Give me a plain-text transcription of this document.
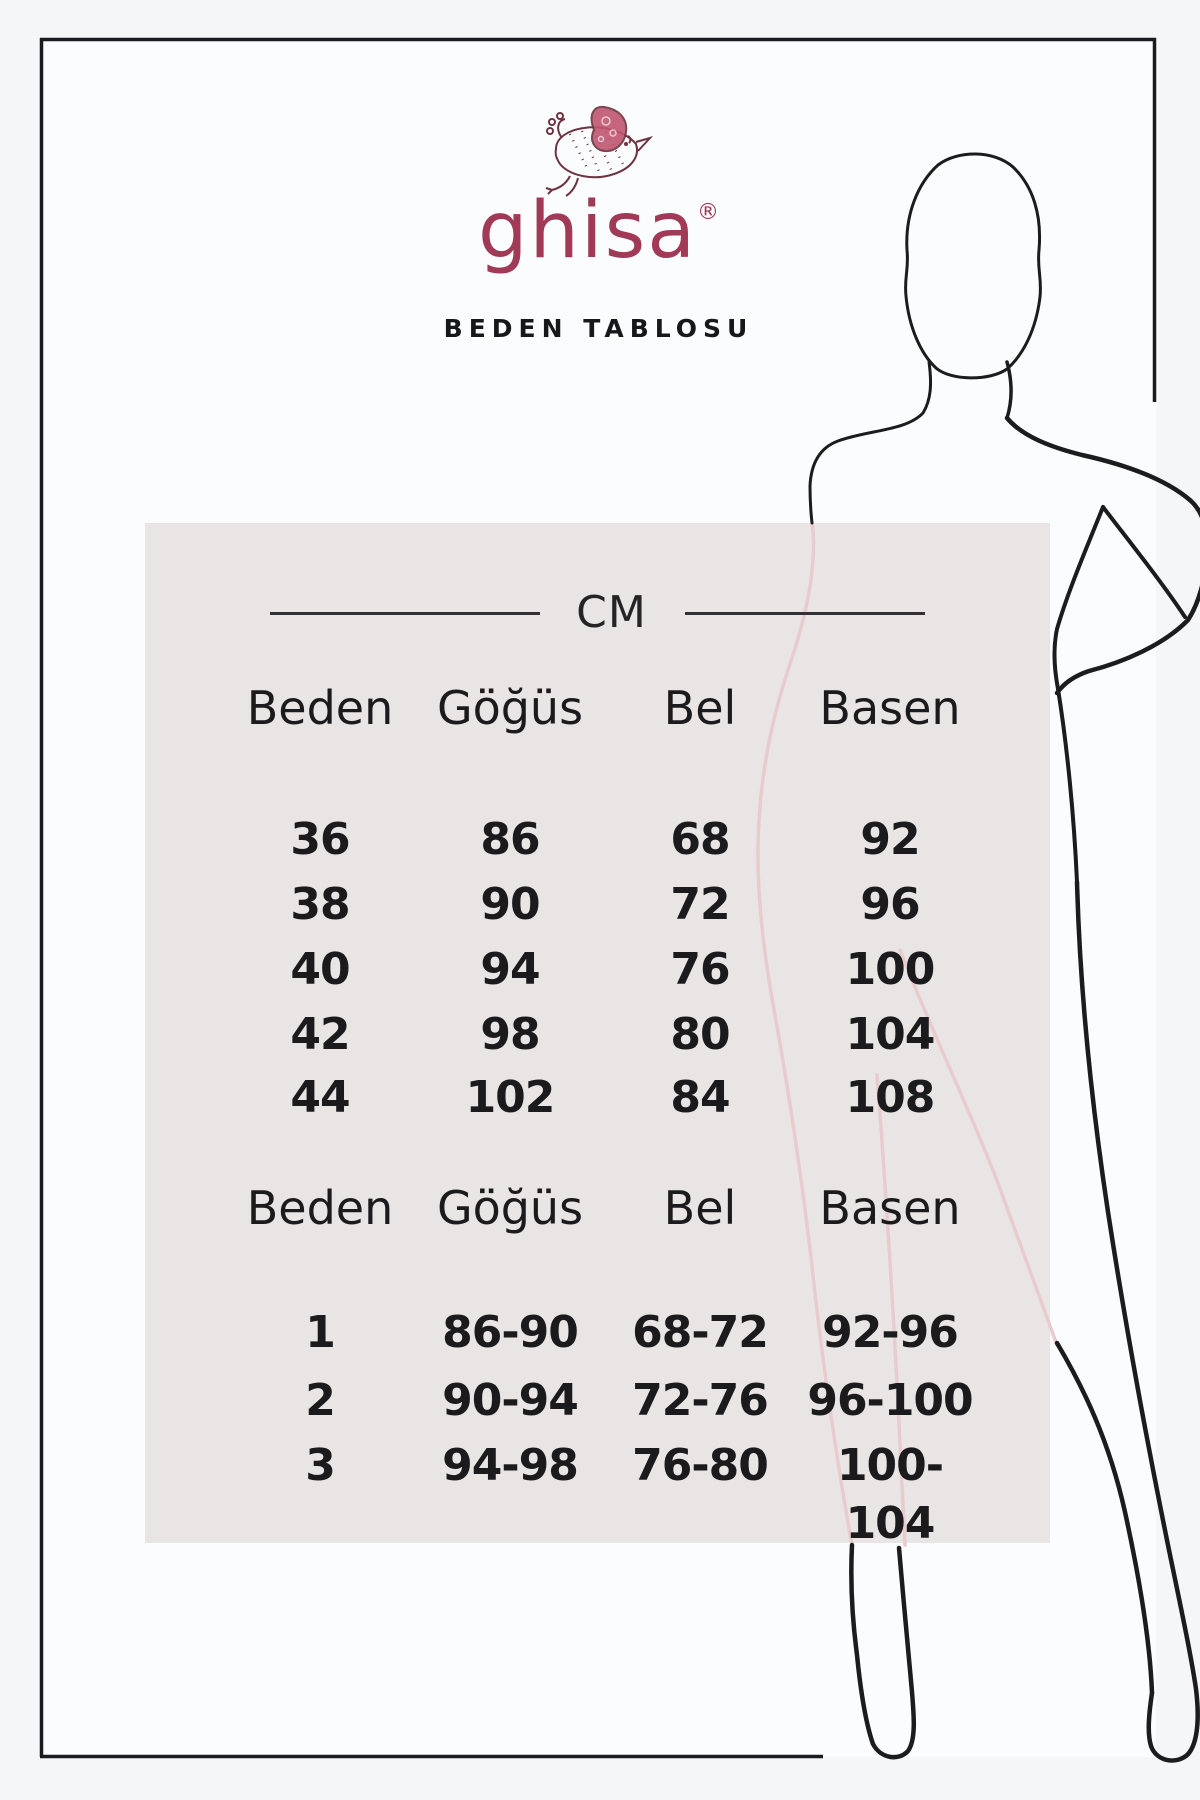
ghisa®
BEDEN TABLOSU
CM
Beden Göğüs	Bel	Basen
36	86	68	92
38	90	72	96
40	94	76	100
42	98	80	104
44	102	84	108
Beden Göğüs	Bel	Basen
1	86-90	68-72	92-96
2	90-94	72-76 96-100
3	94-98	76-80	100-104
